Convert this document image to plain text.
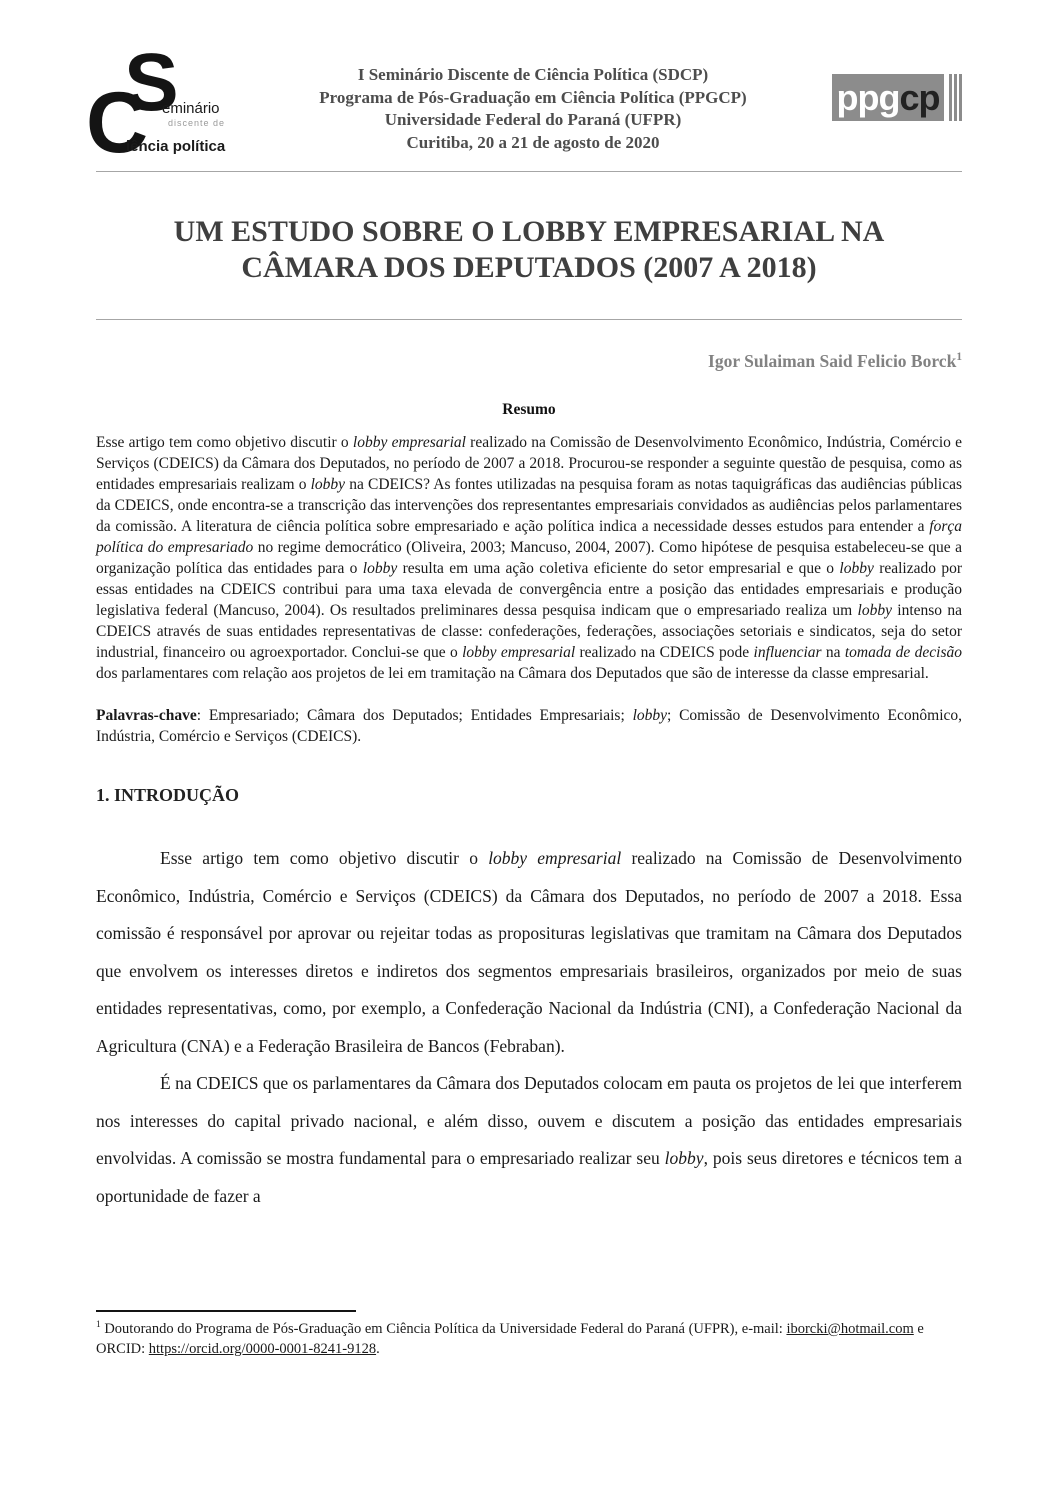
S
C eminário
discente de
iência política
I Seminário Discente de Ciência Política (SDCP)
Programa de Pós-Graduação em Ciência Política (PPGCP)
Universidade Federal do Paraná (UFPR)
Curitiba, 20 a 21 de agosto de 2020
ppg cp
UM ESTUDO SOBRE O LOBBY EMPRESARIAL NA CÂMARA DOS DEPUTADOS (2007 A 2018)
Igor Sulaiman Said Felicio Borck$^1$
Resumo

Esse artigo tem como objetivo discutir o lobby empresarial realizado na Comissão de Desenvolvimento Econômico, Indústria, Comércio e Serviços (CDEICS) da Câmara dos Deputados, no período de 2007 a 2018. Procurou-se responder a seguinte questão de pesquisa, como as entidades empresariais realizam o lobby na CDEICS? As fontes utilizadas na pesquisa foram as notas taquigráficas das audiências públicas da CDEICS, onde encontra-se a transcrição das intervenções dos representantes empresariais convidados as audiências pelos parlamentares da comissão. A literatura de ciência política sobre empresariado e ação política indica a necessidade desses estudos para entender a força política do empresariado no regime democrático (Oliveira, 2003; Mancuso, 2004, 2007). Como hipótese de pesquisa estabeleceu-se que a organização política das entidades para o lobby resulta em uma ação coletiva eficiente do setor empresarial e que o lobby realizado por essas entidades na CDEICS contribui para uma taxa elevada de convergência entre a posição das entidades empresariais e produção legislativa federal (Mancuso, 2004). Os resultados preliminares dessa pesquisa indicam que o empresariado realiza um lobby intenso na CDEICS através de suas entidades representativas de classe: confederações, federações, associações setoriais e sindicatos, seja do setor industrial, financeiro ou agroexportador. Conclui-se que o lobby empresarial realizado na CDEICS pode influenciar na tomada de decisão dos parlamentares com relação aos projetos de lei em tramitação na Câmara dos Deputados que são de interesse da classe empresarial.

Palavras-chave: Empresariado; Câmara dos Deputados; Entidades Empresariais; lobby; Comissão de Desenvolvimento Econômico, Indústria, Comércio e Serviços (CDEICS).

1. INTRODUÇÃO

Esse artigo tem como objetivo discutir o lobby empresarial realizado na Comissão de Desenvolvimento Econômico, Indústria, Comércio e Serviços (CDEICS) da Câmara dos Deputados, no período de 2007 a 2018. Essa comissão é responsável por aprovar ou rejeitar todas as proposituras legislativas que tramitam na Câmara dos Deputados que envolvem os interesses diretos e indiretos dos segmentos empresariais brasileiros, organizados por meio de suas entidades representativas, como, por exemplo, a Confederação Nacional da Indústria (CNI), a Confederação Nacional da Agricultura (CNA) e a Federação Brasileira de Bancos (Febraban).

É na CDEICS que os parlamentares da Câmara dos Deputados colocam em pauta os projetos de lei que interferem nos interesses do capital privado nacional, e além disso, ouvem e discutem a posição das entidades empresariais envolvidas. A comissão se mostra fundamental para o empresariado realizar seu lobby, pois seus diretores e técnicos tem a oportunidade de fazer a

$^1$ Doutorando do Programa de Pós-Graduação em Ciência Política da Universidade Federal do Paraná (UFPR), e-mail: iborcki@hotmail.com e ORCID: https://orcid.org/0000-0001-8241-9128.
